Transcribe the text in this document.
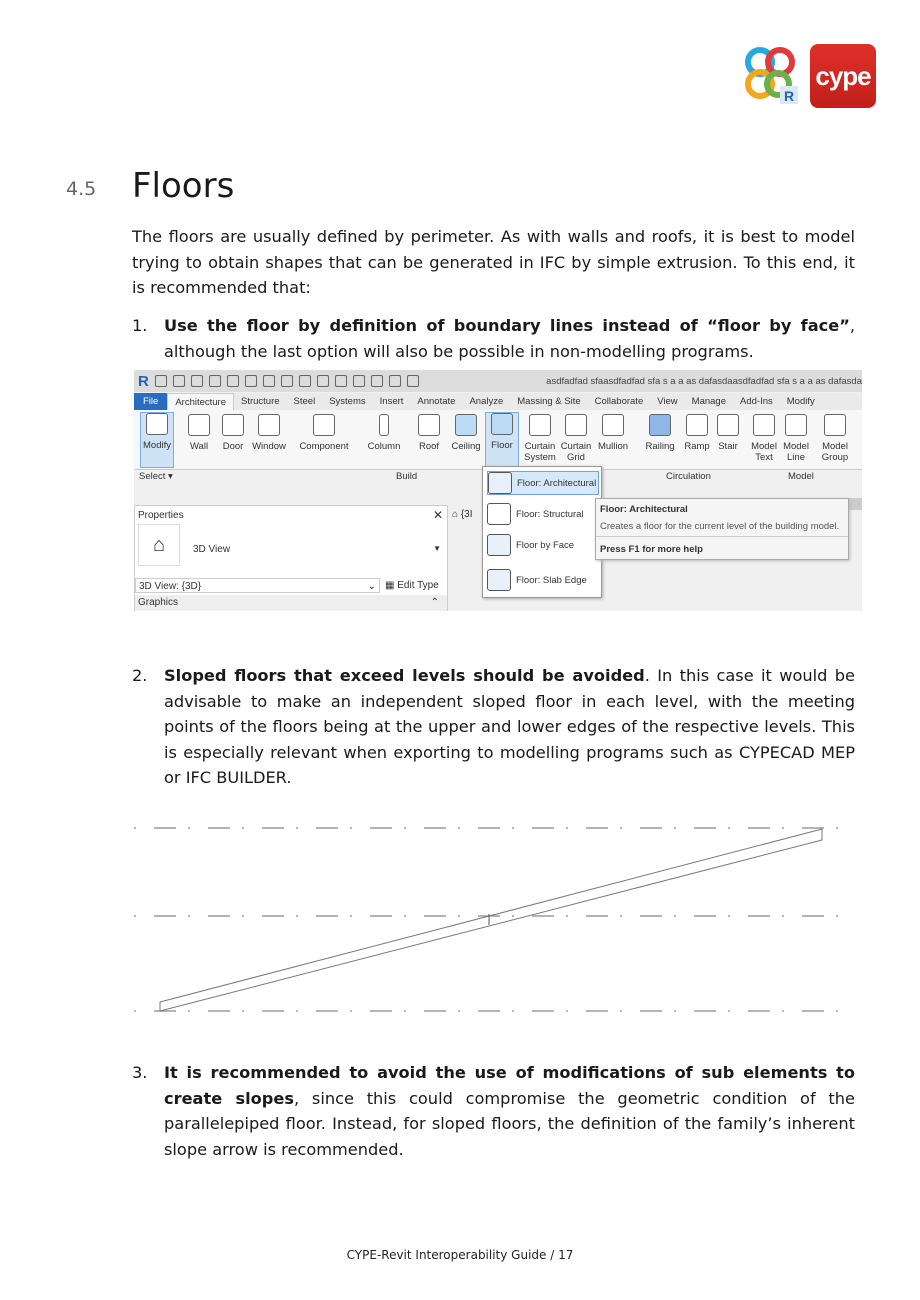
R
cype
4.5 Floors

The floors are usually defined by perimeter. As with walls and roofs, it is best to model trying to obtain shapes that can be generated in IFC by simple extrusion. To this end, it is recommended that:

1. Use the floor by definition of boundary lines instead of “floor by face”, although the last option will also be possible in non-modelling programs.
R	asdfadfad sfaasdfadfad sfa s a a as dafasdaasdfadfad sfa s a a as dafasda
File	Architecture	Structure	Steel	Systems	Insert	Annotate	Analyze	Massing & Site	Collaborate	View	Manage	Add-Ins	Modify
Modify	Wall	Door Window	Component	Column	Roof	Ceiling	Floor	Curtain System
Curtain Grid
Mullion	Railing	Ramp Stair	Model Text
Model Line
Model Group
Select ▾	Build	Circulation	Model
Properties	✕
⌂	3D View	▼
3D View: {3D}	⌄ ▦ Edit Type
Graphics	⌃
⌂ {3I
Floor: Architectural
Floor: Structural
Floor by Face
Floor: Slab Edge
Floor: Architectural
Creates a floor for the current level of the building model.
Press F1 for more help
2. Sloped floors that exceed levels should be avoided. In this case it would be advisable to make an independent sloped floor in each level, with the meeting points of the floors being at the upper and lower edges of the respective levels. This is especially relevant when exporting to modelling programs such as CYPECAD MEP or IFC BUILDER.
3. It is recommended to avoid the use of modifications of sub elements to create slopes, since this could compromise the geometric condition of the parallelepiped floor. Instead, for sloped floors, the definition of the family’s inherent slope arrow is recommended.
CYPE-Revit Interoperability Guide / 17
